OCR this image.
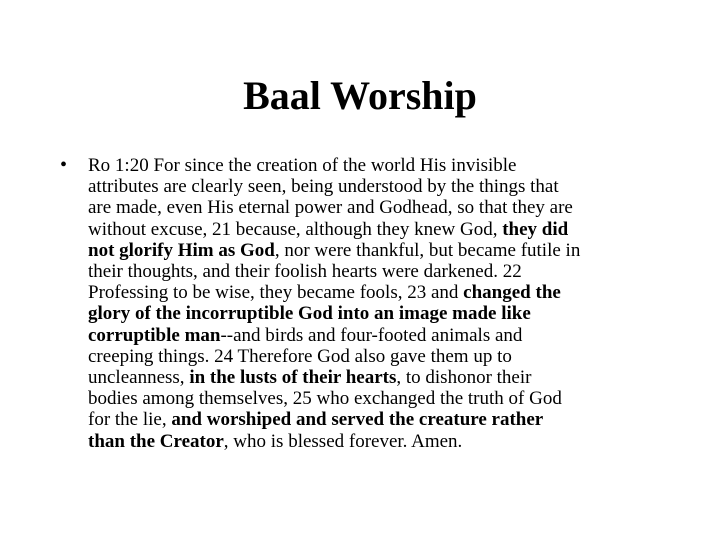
Baal Worship
• Ro 1:20 For since the creation of the world His invisible
attributes are clearly seen, being understood by the things that
are made, even His eternal power and Godhead, so that they are
without excuse, 21 because, although they knew God, they did
not glorify Him as God, nor were thankful, but became futile in
their thoughts, and their foolish hearts were darkened. 22
Professing to be wise, they became fools, 23 and changed the
glory of the incorruptible God into an image made like
corruptible man--and birds and four-footed animals and
creeping things. 24 Therefore God also gave them up to
uncleanness, in the lusts of their hearts, to dishonor their
bodies among themselves, 25 who exchanged the truth of God
for the lie, and worshiped and served the creature rather
than the Creator, who is blessed forever. Amen.
